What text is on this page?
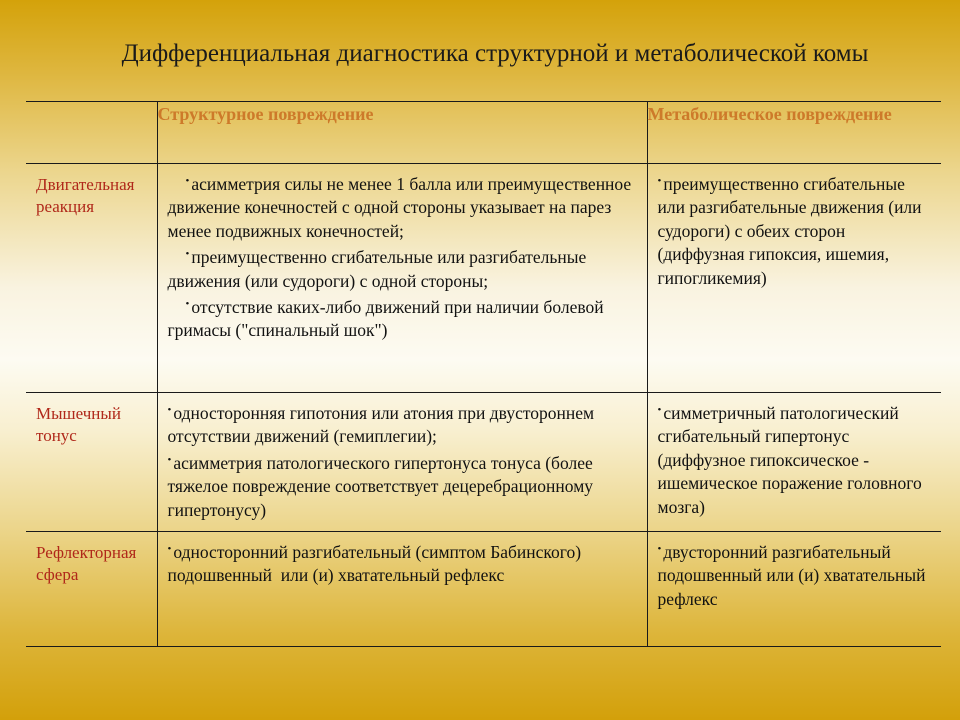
Дифференциальная диагностика структурной и метаболической комы
	Структурное повреждение	Метаболическое повреждение
Двигательная реакция	• асимметрия силы не менее 1 балла или преимущественное движение конечностей с одной стороны указывает на парез менее подвижных конечностей;
• преимущественно сгибательные или разгибательные движения (или судороги) с одной стороны;
• отсутствие каких-либо движений при наличии болевой гримасы ("спинальный шок")	• преимущественно сгибательные или разгибательные движения (или судороги) с обеих сторон (диффузная гипоксия, ишемия, гипогликемия)

Мышечный тонус	• односторонняя гипотония или атония при двустороннем отсутствии движений (гемиплегии);
• асимметрия патологического гипертонуса тонуса (более тяжелое повреждение соответствует децеребрационному гипертонусу)	• симметричный патологический сгибательный гипертонус (диффузное гипоксическое - ишемическое поражение головного мозга)

Рефлекторная сфера	• односторонний разгибательный (симптом Бабинского) подошвенный  или (и) хватательный рефлекс	• двусторонний разгибательный подошвенный или (и) хватательный рефлекс
